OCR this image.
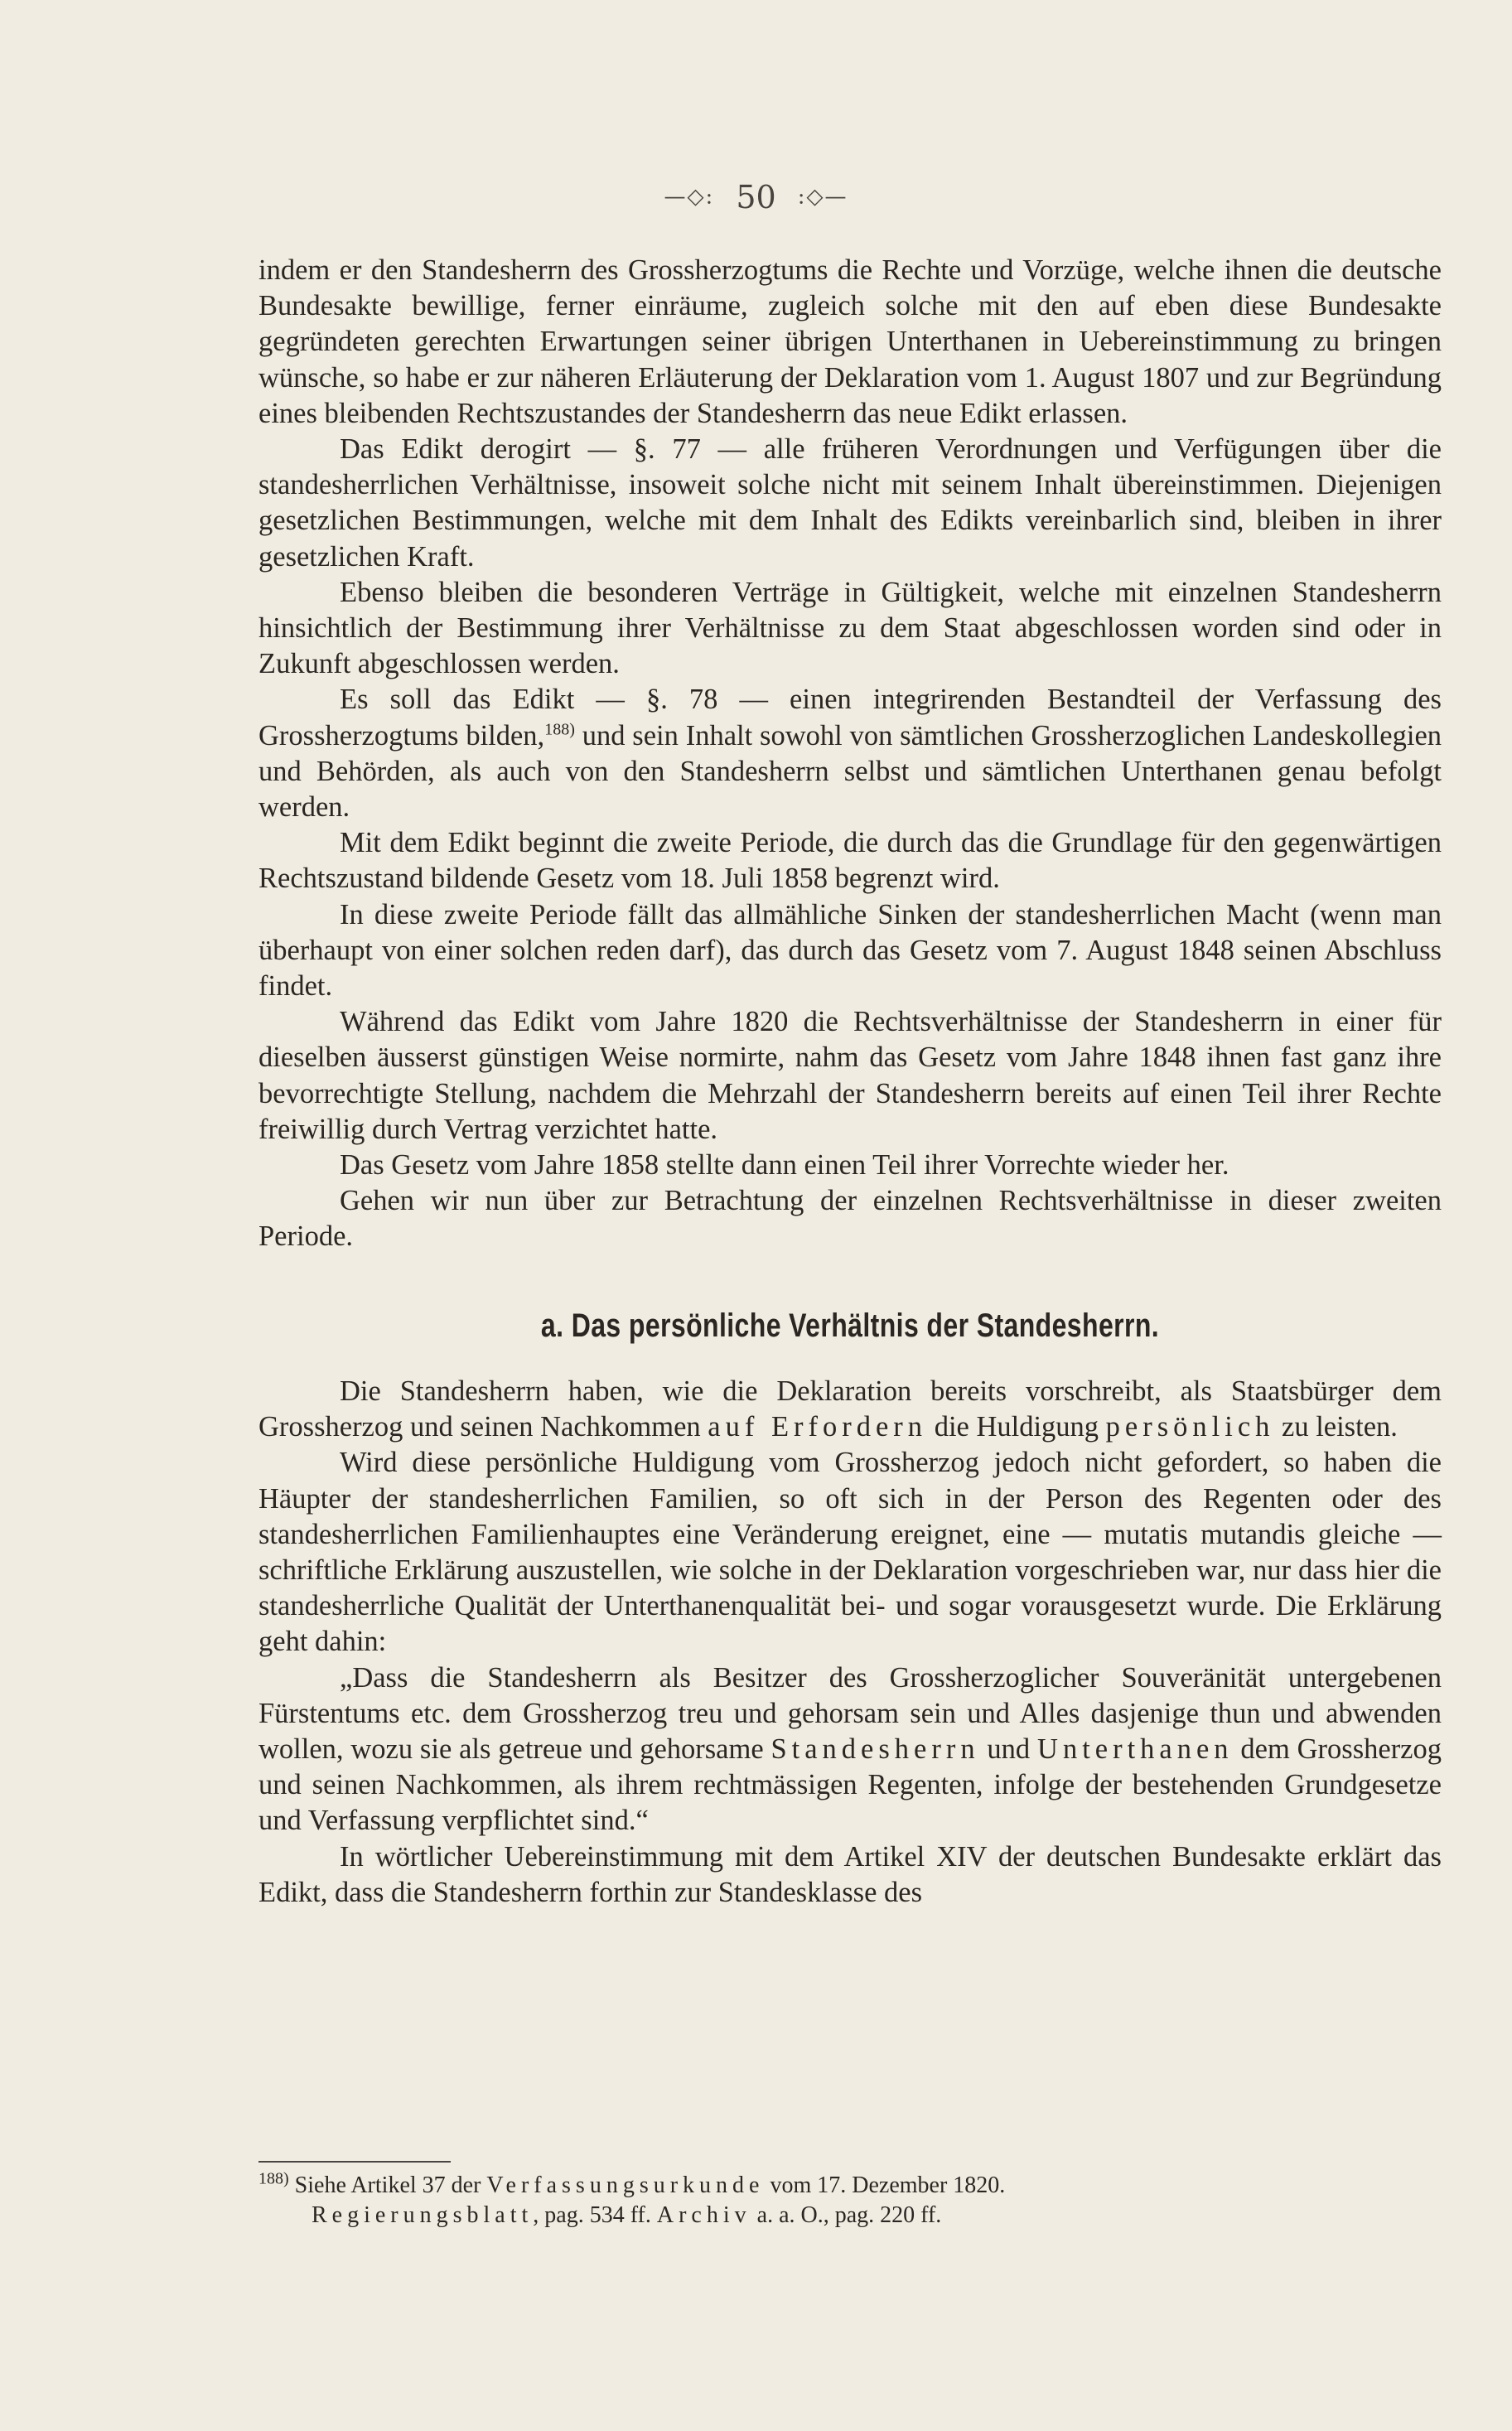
—◇: 50 :◇—

indem er den Standesherrn des Grossherzogtums die Rechte und Vorzüge, welche ihnen die deutsche Bundesakte bewillige, ferner einräume, zugleich solche mit den auf eben diese Bundesakte gegründeten gerechten Erwartungen seiner übrigen Unterthanen in Uebereinstimmung zu bringen wünsche, so habe er zur näheren Erläuterung der Deklaration vom 1. August 1807 und zur Begründung eines bleibenden Rechtszustandes der Standesherrn das neue Edikt erlassen.

Das Edikt derogirt — §. 77 — alle früheren Verordnungen und Verfügungen über die standesherrlichen Verhältnisse, insoweit solche nicht mit seinem Inhalt übereinstimmen. Diejenigen gesetzlichen Bestimmungen, welche mit dem Inhalt des Edikts vereinbarlich sind, bleiben in ihrer gesetzlichen Kraft.

Ebenso bleiben die besonderen Verträge in Gültigkeit, welche mit einzelnen Standesherrn hinsichtlich der Bestimmung ihrer Verhältnisse zu dem Staat abgeschlossen worden sind oder in Zukunft abgeschlossen werden.

Es soll das Edikt — §. 78 — einen integrirenden Bestandteil der Verfassung des Grossherzogtums bilden,$^{188)}$ und sein Inhalt sowohl von sämtlichen Grossherzoglichen Landeskollegien und Behörden, als auch von den Standesherrn selbst und sämtlichen Unterthanen genau befolgt werden.

Mit dem Edikt beginnt die zweite Periode, die durch das die Grundlage für den gegenwärtigen Rechtszustand bildende Gesetz vom 18. Juli 1858 begrenzt wird.

In diese zweite Periode fällt das allmähliche Sinken der standesherrlichen Macht (wenn man überhaupt von einer solchen reden darf), das durch das Gesetz vom 7. August 1848 seinen Abschluss findet.

Während das Edikt vom Jahre 1820 die Rechtsverhältnisse der Standesherrn in einer für dieselben äusserst günstigen Weise normirte, nahm das Gesetz vom Jahre 1848 ihnen fast ganz ihre bevorrechtigte Stellung, nachdem die Mehrzahl der Standesherrn bereits auf einen Teil ihrer Rechte freiwillig durch Vertrag verzichtet hatte.

Das Gesetz vom Jahre 1858 stellte dann einen Teil ihrer Vorrechte wieder her.

Gehen wir nun über zur Betrachtung der einzelnen Rechtsverhältnisse in dieser zweiten Periode.

a. Das persönliche Verhältnis der Standesherrn.

Die Standesherrn haben, wie die Deklaration bereits vorschreibt, als Staatsbürger dem Grossherzog und seinen Nachkommen auf Erfordern die Huldigung persönlich zu leisten.

Wird diese persönliche Huldigung vom Grossherzog jedoch nicht gefordert, so haben die Häupter der standesherrlichen Familien, so oft sich in der Person des Regenten oder des standesherrlichen Familienhauptes eine Veränderung ereignet, eine — mutatis mutandis gleiche — schriftliche Erklärung auszustellen, wie solche in der Deklaration vorgeschrieben war, nur dass hier die standesherrliche Qualität der Unterthanenqualität bei- und sogar vorausgesetzt wurde. Die Erklärung geht dahin:

„Dass die Standesherrn als Besitzer des Grossherzoglicher Souveränität untergebenen Fürstentums etc. dem Grossherzog treu und gehorsam sein und Alles dasjenige thun und abwenden wollen, wozu sie als getreue und gehorsame Standesherrn und Unterthanen dem Grossherzog und seinen Nachkommen, als ihrem rechtmässigen Regenten, infolge der bestehenden Grundgesetze und Verfassung verpflichtet sind.“

In wörtlicher Uebereinstimmung mit dem Artikel XIV der deutschen Bundesakte erklärt das Edikt, dass die Standesherrn forthin zur Standesklasse des

$^{188)}$ Siehe Artikel 37 der Verfassungsurkunde vom 17. Dezember 1820.
Regierungsblatt, pag. 534 ff. Archiv a. a. O., pag. 220 ff.
